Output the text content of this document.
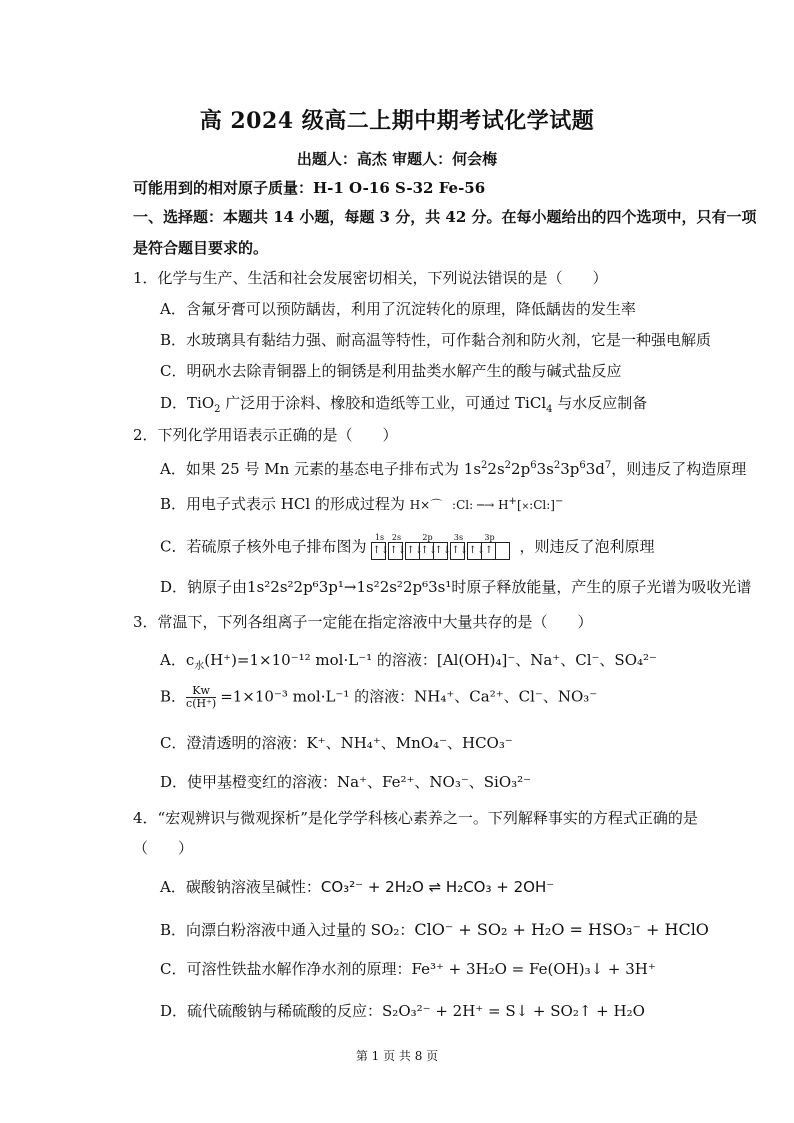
高 2024 级高二上期中期考试化学试题
出题人：高杰 审题人：何会梅
可能用到的相对原子质量：H-1 O-16 S-32 Fe-56
一、选择题：本题共 14 小题，每题 3 分，共 42 分。在每小题给出的四个选项中，只有一项
是符合题目要求的。
1．化学与生产、生活和社会发展密切相关，下列说法错误的是（　　）
A．含氟牙膏可以预防龋齿，利用了沉淀转化的原理，降低龋齿的发生率
B．水玻璃具有黏结力强、耐高温等特性，可作黏合剂和防火剂，它是一种强电解质
C．明矾水去除青铜器上的铜锈是利用盐类水解产生的酸与碱式盐反应
D．TiO$_2$ 广泛用于涂料、橡胶和造纸等工业，可通过 TiCl$_4$ 与水反应制备
2．下列化学用语表示正确的是（　　）
A．如果 25 号 Mn 元素的基态电子排布式为 $1s^22s^22p^63s^23p^63d^7$，则违反了构造原理
B．用电子式表示 HCl 的形成过程为 H×⌒ :Cl: ─→ H+[×:Cl:]−
C．若硫原子核外电子排布图为 1s
↑↓
2s
↑↓
2p
↑↓
↑↓
↑↓
3s
↑↓
3p
↑↓ ↑ ，则违反了泡利原理
D．钠原子由1s²2s²2p⁶3p¹→1s²2s²2p⁶3s¹时原子释放能量，产生的原子光谱为吸收光谱
3．常温下，下列各组离子一定能在指定溶液中大量共存的是（　　）
A．$c_水(H^+)=1\times 10^{-12}$ mol·L⁻¹ 的溶液：[Al(OH)₄]⁻、Na⁺、Cl⁻、SO₄²⁻
B． $\frac{Kw}{c(H^+)} =1\times 10^{-3}$ mol·L⁻¹ 的溶液：NH₄⁺、Ca²⁺、Cl⁻、NO₃⁻
C．澄清透明的溶液：K⁺、NH₄⁺、MnO₄⁻、HCO₃⁻
D．使甲基橙变红的溶液：Na⁺、Fe²⁺、NO₃⁻、SiO₃²⁻
4．“宏观辨识与微观探析”是化学学科核心素养之一。下列解释事实的方程式正确的是
（　　）
A．碳酸钠溶液呈碱性：CO₃²⁻ + 2H₂O ⇌ H₂CO₃ + 2OH⁻
B．向漂白粉溶液中通入过量的 SO₂：ClO⁻ + SO₂ + H₂O = HSO₃⁻ + HClO
C．可溶性铁盐水解作净水剂的原理：Fe³⁺ + 3H₂O = Fe(OH)₃↓ + 3H⁺
D．硫代硫酸钠与稀硫酸的反应：S₂O₃²⁻ + 2H⁺ = S↓ + SO₂↑ + H₂O
第 1 页 共 8 页
